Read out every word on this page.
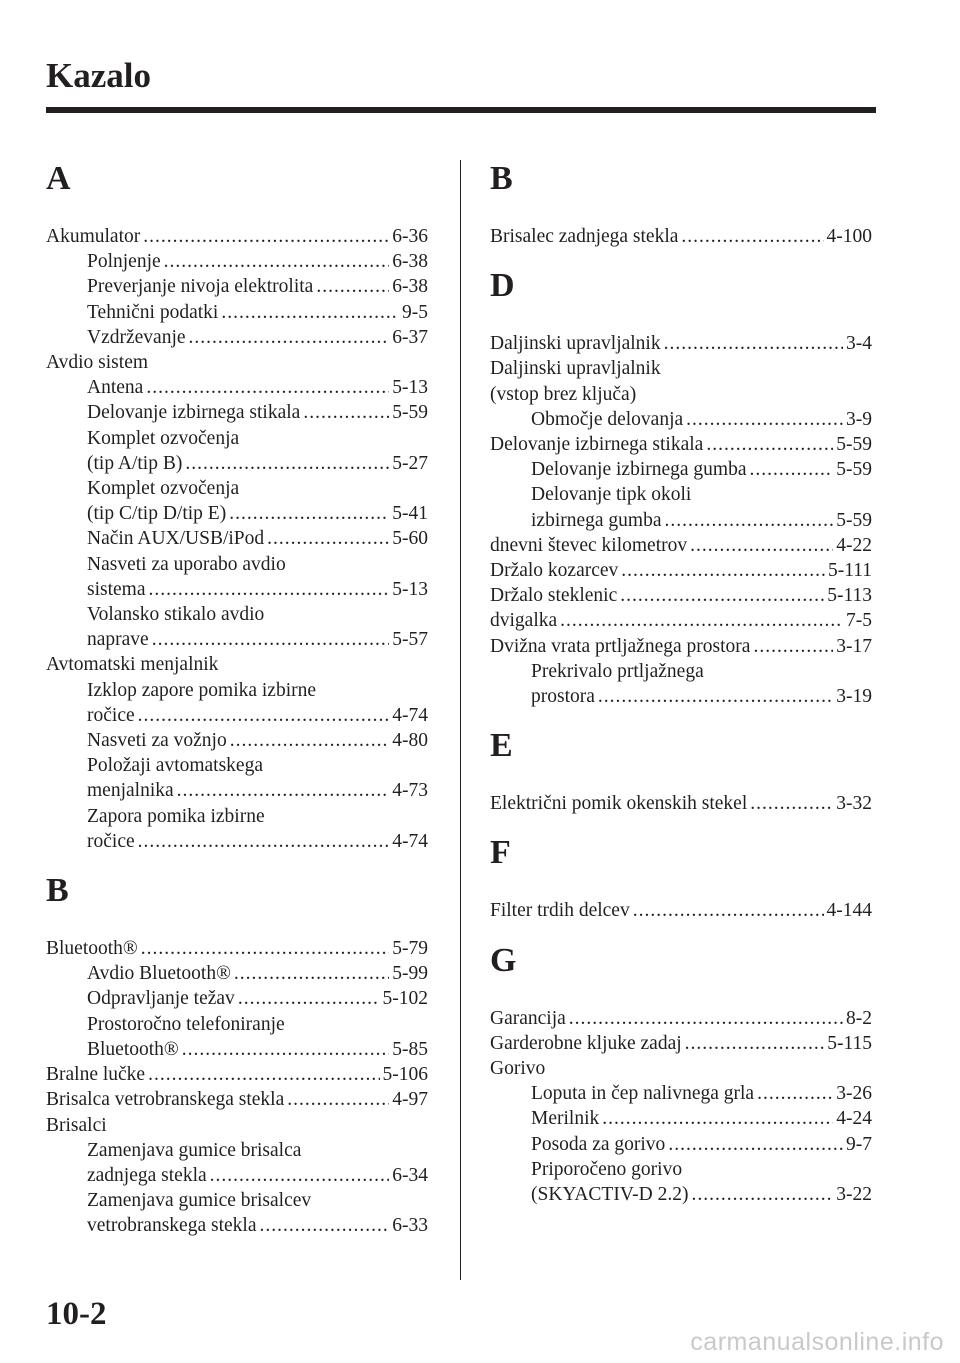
Kazalo
A
Akumulator .....	6-36
Polnjenje .....	6-38
Preverjanje nivoja elektrolita .....	6-38
Tehnični podatki .....	9-5
Vzdrževanje .....	6-37
Avdio sistem
Antena .....	5-13
Delovanje izbirnega stikala .....	5-59
Komplet ozvočenja
(tip A/tip B) .....	5-27
Komplet ozvočenja
(tip C/tip D/tip E) .....	5-41
Način AUX/USB/iPod .....	5-60
Nasveti za uporabo avdio
sistema .....	5-13
Volansko stikalo avdio
naprave .....	5-57
Avtomatski menjalnik
Izklop zapore pomika izbirne
ročice .....	4-74
Nasveti za vožnjo .....	4-80
Položaji avtomatskega
menjalnika .....	4-73
Zapora pomika izbirne
ročice .....	4-74
B
Bluetooth® .....	5-79
Avdio Bluetooth® .....	5-99
Odpravljanje težav .....	5-102
Prostoročno telefoniranje
Bluetooth® .....	5-85
Bralne lučke .....	5-106
Brisalca vetrobranskega stekla .....	4-97
Brisalci
Zamenjava gumice brisalca
zadnjega stekla .....	6-34
Zamenjava gumice brisalcev
vetrobranskega stekla .....	6-33
B
Brisalec zadnjega stekla .....	4-100
D
Daljinski upravljalnik .....	3-4
Daljinski upravljalnik
(vstop brez ključa)
Območje delovanja .....	3-9
Delovanje izbirnega stikala .....	5-59
Delovanje izbirnega gumba .....	5-59
Delovanje tipk okoli
izbirnega gumba .....	5-59
dnevni števec kilometrov .....	4-22
Držalo kozarcev .....	5-111
Držalo steklenic .....	5-113
dvigalka .....	7-5
Dvižna vrata prtljažnega prostora .....	3-17
Prekrivalo prtljažnega
prostora .....	3-19
E
Električni pomik okenskih stekel .....	3-32
F
Filter trdih delcev .....	4-144
G
Garancija .....	8-2
Garderobne kljuke zadaj .....	5-115
Gorivo
Loputa in čep nalivnega grla .....	3-26
Merilnik .....	4-24
Posoda za gorivo .....	9-7
Priporočeno gorivo
(SKYACTIV-D 2.2) .....	3-22
10-2
carmanualsonline.info
